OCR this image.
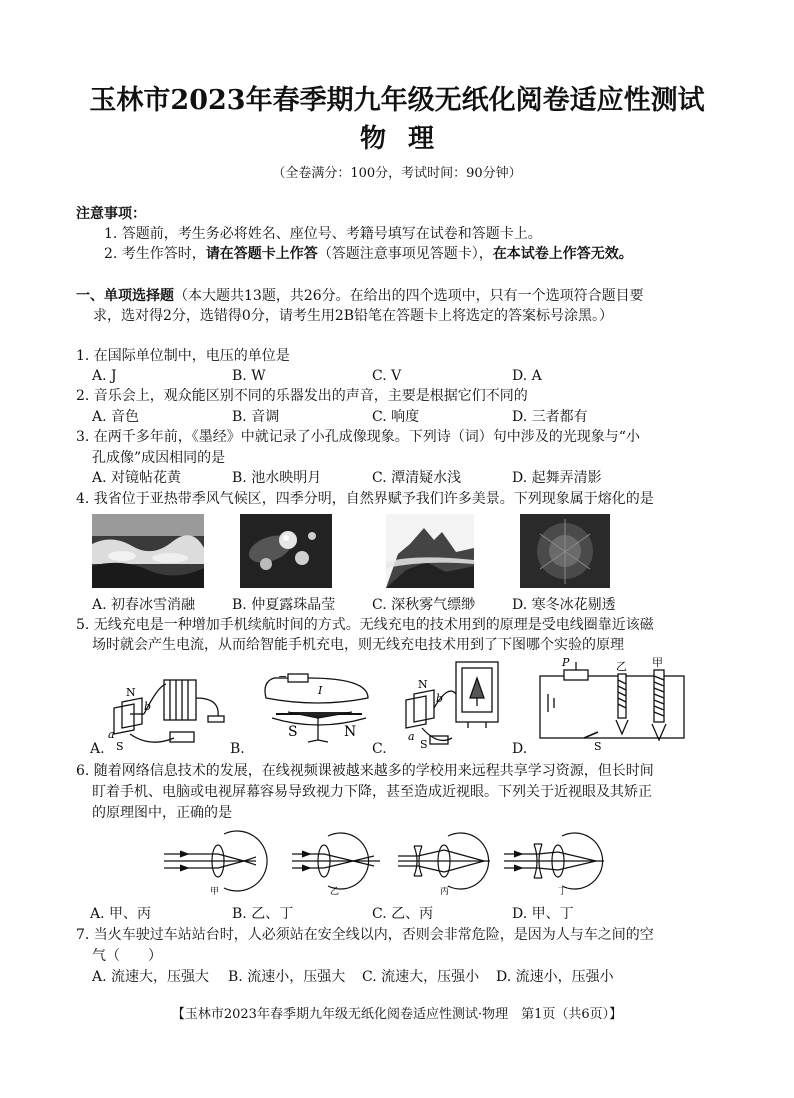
玉林市2023年春季期九年级无纸化阅卷适应性测试
物理
（全卷满分：100分，考试时间：90分钟）
注意事项：
1. 答题前，考生务必将姓名、座位号、考籍号填写在试卷和答题卡上。
2. 考生作答时，请在答题卡上作答（答题注意事项见答题卡），在本试卷上作答无效。
一、单项选择题（本大题共13题，共26分。在给出的四个选项中，只有一个选项符合题目要
求，选对得2分，选错得0分，请考生用2B铅笔在答题卡上将选定的答案标号涂黑。）
1. 在国际单位制中，电压的单位是
A. J	B. W	C. V	D. A
2. 音乐会上，观众能区别不同的乐器发出的声音，主要是根据它们不同的
A. 音色	B. 音调	C. 响度	D. 三者都有
3. 在两千多年前，《墨经》中就记录了小孔成像现象。下列诗（词）句中涉及的光现象与“小
孔成像”成因相同的是
A. 对镜帖花黄	B. 池水映明月	C. 潭清疑水浅	D. 起舞弄清影
4. 我省位于亚热带季风气候区，四季分明，自然界赋予我们许多美景。下列现象属于熔化的是
A. 初春冰雪消融	B. 仲夏露珠晶莹	C. 深秋雾气缥缈	D. 寒冬冰花剔透
5. 无线充电是一种增加手机续航时间的方式。无线充电的技术用到的原理是受电线圈靠近该磁
场时就会产生电流，从而给智能手机充电，则无线充电技术用到了下图哪个实验的原理
N
b
a
S
A.
−
I
S	N
B.
N
b
a
S
C.
P	乙 甲
S
D.
6. 随着网络信息技术的发展，在线视频课被越来越多的学校用来远程共享学习资源，但长时间
盯着手机、电脑或电视屏幕容易导致视力下降，甚至造成近视眼。下列关于近视眼及其矫正
的原理图中，正确的是
甲	乙	丙	丁
A. 甲、丙	B. 乙、丁	C. 乙、丙	D. 甲、丁
7. 当火车驶过车站站台时，人必须站在安全线以内，否则会非常危险，是因为人与车之间的空
气（　　）
A. 流速大，压强大 B. 流速小，压强大 C. 流速大，压强小 D. 流速小，压强小
【玉林市2023年春季期九年级无纸化阅卷适应性测试·物理　第1页（共6页）】
